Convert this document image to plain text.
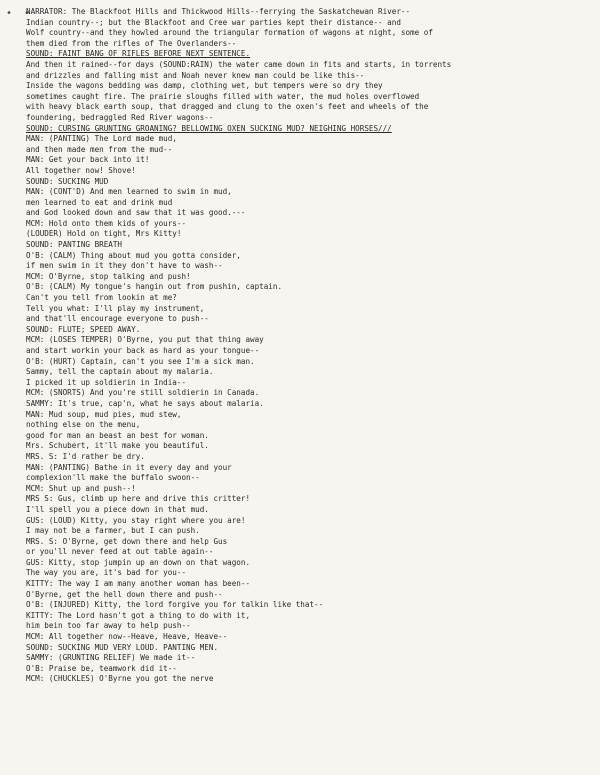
• •
NARRATOR: The Blackfoot Hills and Thickwood Hills--ferrying the Saskatchewan River--
Indian country--; but the Blackfoot and Cree war parties kept their distance-- and
Wolf country--and they howled around the triangular formation of wagons at night, some of
them died from the rifles of The Overlanders--
SOUND: FAINT BANG OF RIFLES BEFORE NEXT SENTENCE.
And then it rained--for days (SOUND:RAIN) the water came down in fits and starts, in torrents
and drizzles and falling mist and Noah never knew man could be like this--
Inside the wagons bedding was damp, clothing wet, but tempers were so dry they
sometimes caught fire. The prairie sloughs filled with water, the mud holes overflowed
with heavy black earth soup, that dragged and clung to the oxen's feet and wheels of the
foundering, bedraggled Red River wagons--
SOUND: CURSING GRUNTING GROANING? BELLOWING OXEN SUCKING MUD? NEIGHING HORSES///
MAN: (PANTING) The Lord made mud,
and then made men from the mud--
MAN: Get your back into it!
All together now! Shove!
SOUND: SUCKING MUD
MAN: (CONT'D) And men learned to swim in mud,
men learned to eat and drink mud
and God looked down and saw that it was good.---
MCM: Hold onto them kids of yours--
(LOUDER) Hold on tight, Mrs Kitty!
SOUND: PANTING BREATH
O'B: (CALM) Thing about mud you gotta consider,
if men swim in it they don't have to wash--
MCM: O'Byrne, stop talking and push!
O'B: (CALM) My tongue's hangin out from pushin, captain.
Can't you tell from lookin at me?
Tell you what: I'll play my instrument,
and that'll encourage everyone to push--
SOUND: FLUTE; SPEED AWAY.
MCM: (LOSES TEMPER) O'Byrne, you put that thing away
and start workin your back as hard as your tongue--
O'B: (HURT) Captain, can't you see I'm a sick man.
Sammy, tell the captain about my malaria.
I picked it up soldierin in India--
MCM: (SNORTS) And you're still soldierin in Canada.
SAMMY: It's true, cap'n, what he says about malaria.
MAN: Mud soup, mud pies, mud stew,
nothing else on the menu,
good for man an beast an best for woman.
Mrs. Schubert, it'll make you beautiful.
MRS. S: I'd rather be dry.
MAN: (PANTING) Bathe in it every day and your
complexion'll make the buffalo swoon--
MCM: Shut up and push--!
MRS S: Gus, climb up here and drive this critter!
I'll spell you a piece down in that mud.
GUS: (LOUD) Kitty, you stay right where you are!
I may not be a farmer, but I can push.
MRS. S: O'Byrne, get down there and help Gus
or you'll never feed at out table again--
GUS: Kitty, stop jumpin up an down on that wagon.
The way you are, it's bad for you--
KITTY: The way I am many another woman has been--
O'Byrne, get the hell down there and push--
O'B: (INJURED) Kitty, the lord forgive you for talkin like that--
KITTY: The Lord hasn't got a thing to do with it,
him bein too far away to help push--
MCM: All together now--Heave, Heave, Heave--
SOUND: SUCKING MUD VERY LOUD. PANTING MEN.
SAMMY: (GRUNTING RELIEF) We made it--
O'B: Praise be, teamwork did it--
MCM: (CHUCKLES) O'Byrne you got the nerve
